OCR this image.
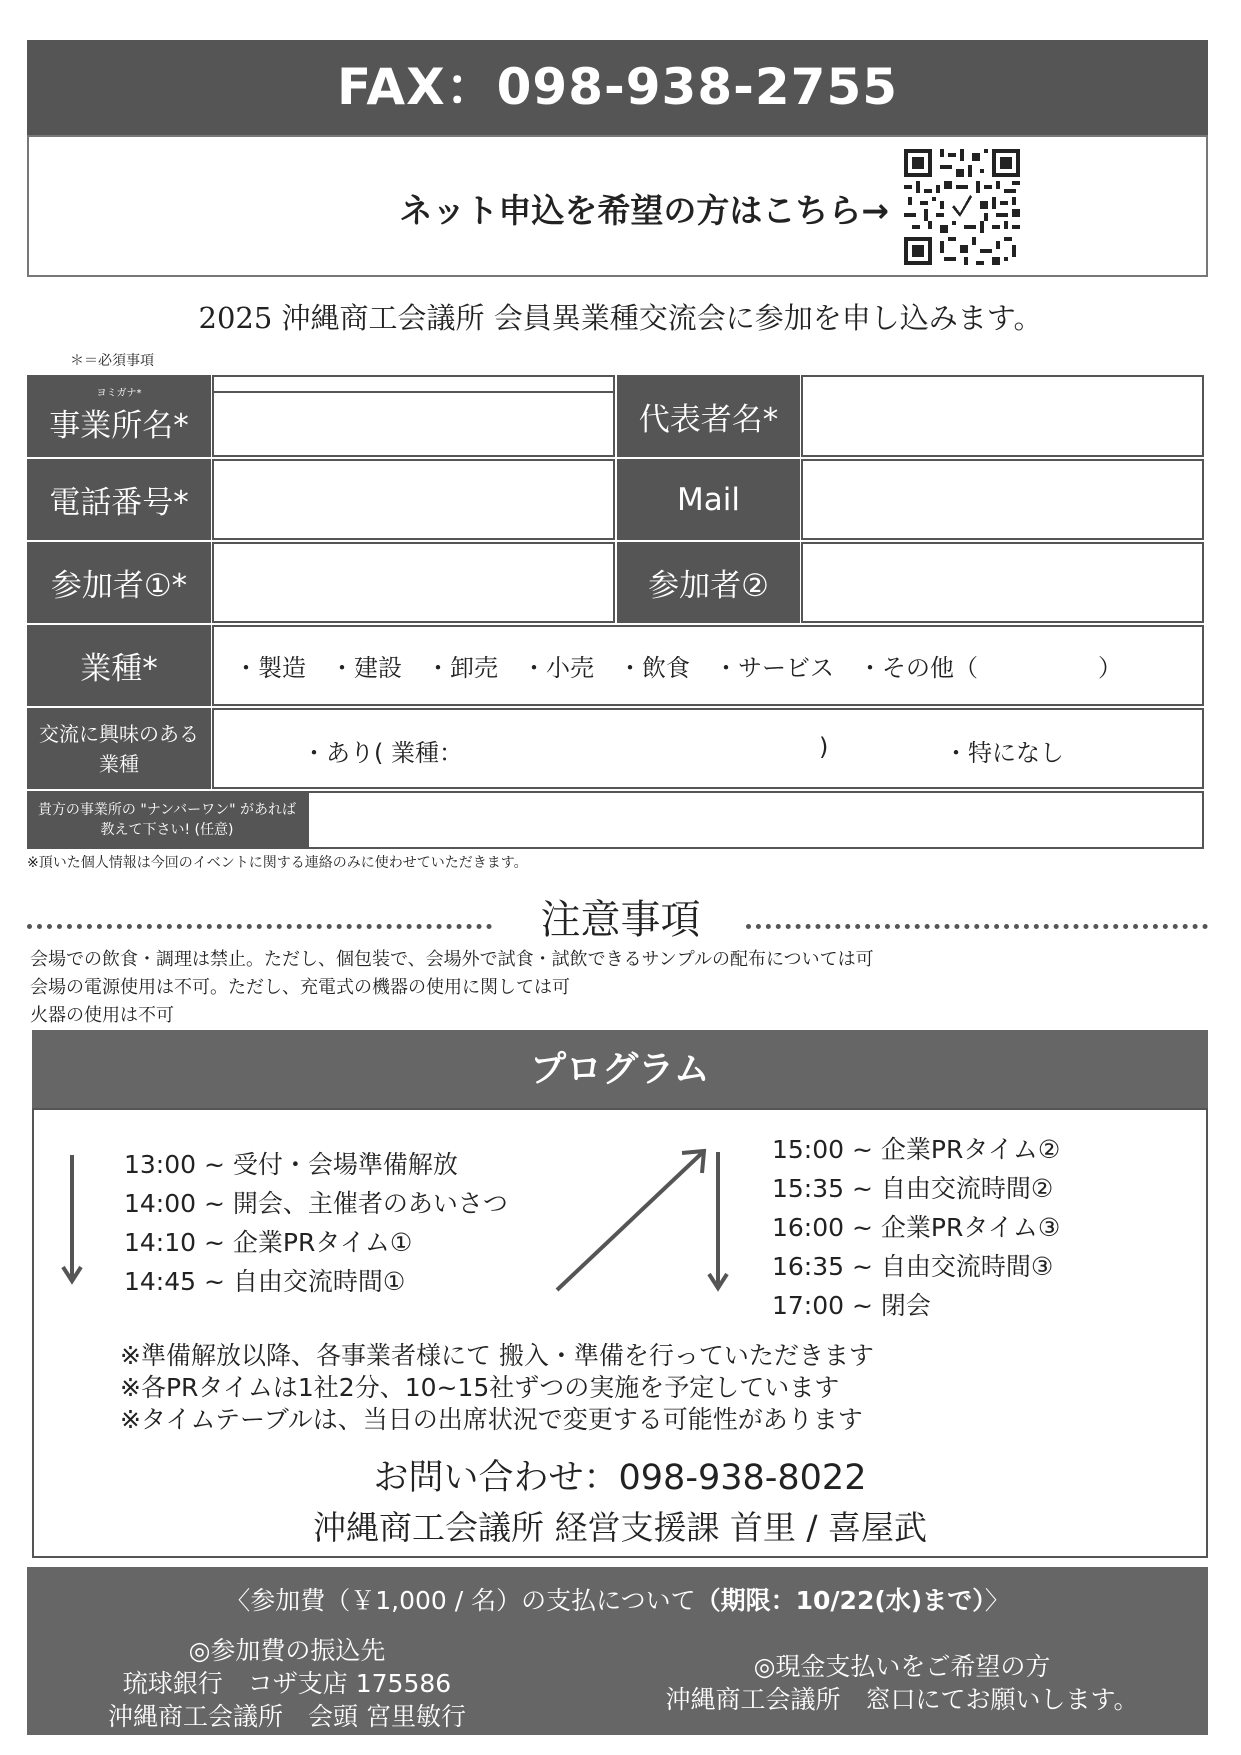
FAX：098-938-2755
ネット申込を希望の方はこちら→
2025 沖縄商工会議所 会員異業種交流会に参加を申し込みます。
＊＝必須事項
ヨミガナ*
事業所名*	代表者名*
電話番号*	Mail
参加者①*	参加者②
業種*	・製造　・建設　・卸売　・小売　・飲食　・サービス　・その他（　　　　　）
交流に興味のある業種	・あり( 業種：	)	・特になし
貴方の事業所の "ナンバーワン" があれば教えて下さい! (任意)
※頂いた個人情報は今回のイベントに関する連絡のみに使わせていただきます。
注意事項
会場での飲食・調理は禁止。ただし、個包装で、会場外で試食・試飲できるサンプルの配布については可
会場の電源使用は不可。ただし、充電式の機器の使用に関しては可
火器の使用は不可
プログラム
13:00 ~ 受付・会場準備解放
14:00 ~ 開会、主催者のあいさつ
14:10 ~ 企業PRタイム①
14:45 ~ 自由交流時間①
15:00 ~ 企業PRタイム②
15:35 ~ 自由交流時間②
16:00 ~ 企業PRタイム③
16:35 ~ 自由交流時間③
17:00 ~ 閉会
※準備解放以降、各事業者様にて 搬入・準備を行っていただきます
※各PRタイムは1社2分、10~15社ずつの実施を予定しています
※タイムテーブルは、当日の出席状況で変更する可能性があります
お問い合わせ：098-938-8022
沖縄商工会議所 経営支援課 首里 / 喜屋武
〈参加費（￥1,000 / 名）の支払について（期限：10/22(水)まで）〉
◎参加費の振込先
琉球銀行　コザ支店 175586
沖縄商工会議所　会頭 宮里敏行
◎現金支払いをご希望の方
沖縄商工会議所　窓口にてお願いします。
